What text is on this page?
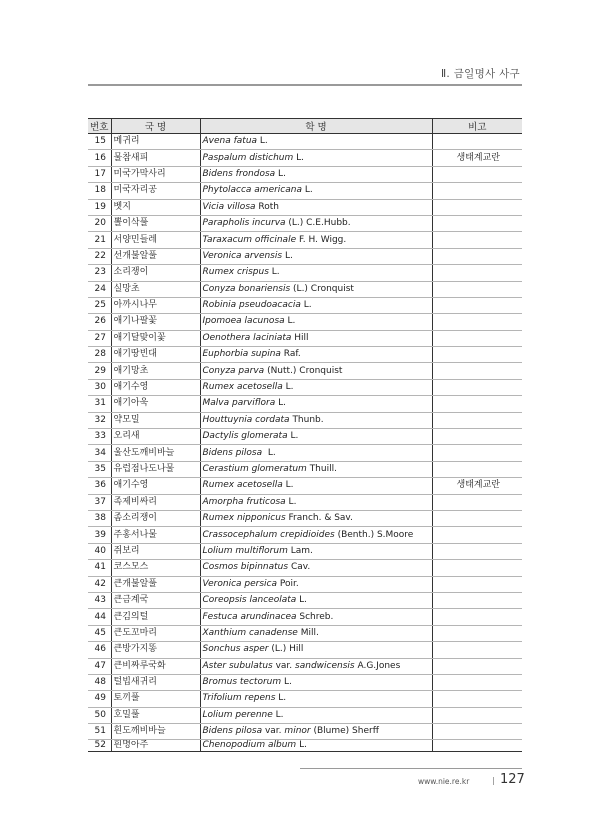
Ⅱ. 금일명사 사구
번호	국 명	학 명	비고
15	메귀리	Avena fatua L.	
16	물참새피	Paspalum distichum L.	생태계교란
17	미국가막사리	Bidens frondosa L.	
18	미국자리공	Phytolacca americana L.	
19	벳지	Vicia villosa Roth	
20	뽈이삭풀	Parapholis incurva (L.) C.E.Hubb.	
21	서양민들레	Taraxacum officinale F. H. Wigg.	
22	선개불알풀	Veronica arvensis L.	
23	소리쟁이	Rumex crispus L.	
24	실망초	Conyza bonariensis (L.) Cronquist	
25	아까시나무	Robinia pseudoacacia L.	
26	애기나팔꽃	Ipomoea lacunosa L.	
27	애기달맞이꽃	Oenothera laciniata Hill	
28	애기땅빈대	Euphorbia supina Raf.	
29	애기망초	Conyza parva (Nutt.) Cronquist	
30	애기수영	Rumex acetosella L.	
31	애기아욱	Malva parviflora L.	
32	약모밀	Houttuynia cordata Thunb.	
33	오리새	Dactylis glomerata L.	
34	울산도깨비바늘	Bidens pilosa  L.	
35	유럽점나도나물	Cerastium glomeratum Thuill.	
36	애기수영	Rumex acetosella L.	생태계교란
37	족제비싸리	Amorpha fruticosa L.	
38	좀소리쟁이	Rumex nipponicus Franch. & Sav.	
39	주홍서나물	Crassocephalum crepidioides (Benth.) S.Moore	
40	쥐보리	Lolium multiflorum Lam.	
41	코스모스	Cosmos bipinnatus Cav.	
42	큰개불알풀	Veronica persica Poir.	
43	큰금계국	Coreopsis lanceolata L.	
44	큰김의털	Festuca arundinacea Schreb.	
45	큰도꼬마리	Xanthium canadense Mill.	
46	큰방가지똥	Sonchus asper (L.) Hill	
47	큰비짜루국화	Aster subulatus var. sandwicensis A.G.Jones	
48	털빕새귀리	Bromus tectorum L.	
49	토끼풀	Trifolium repens L.	
50	호밀풀	Lolium perenne L.	
51	흰도깨비바늘	Bidens pilosa var. minor (Blume) Sherff	
52	흰명아주	Chenopodium album L.	
www.nie.re.kr	| 127
